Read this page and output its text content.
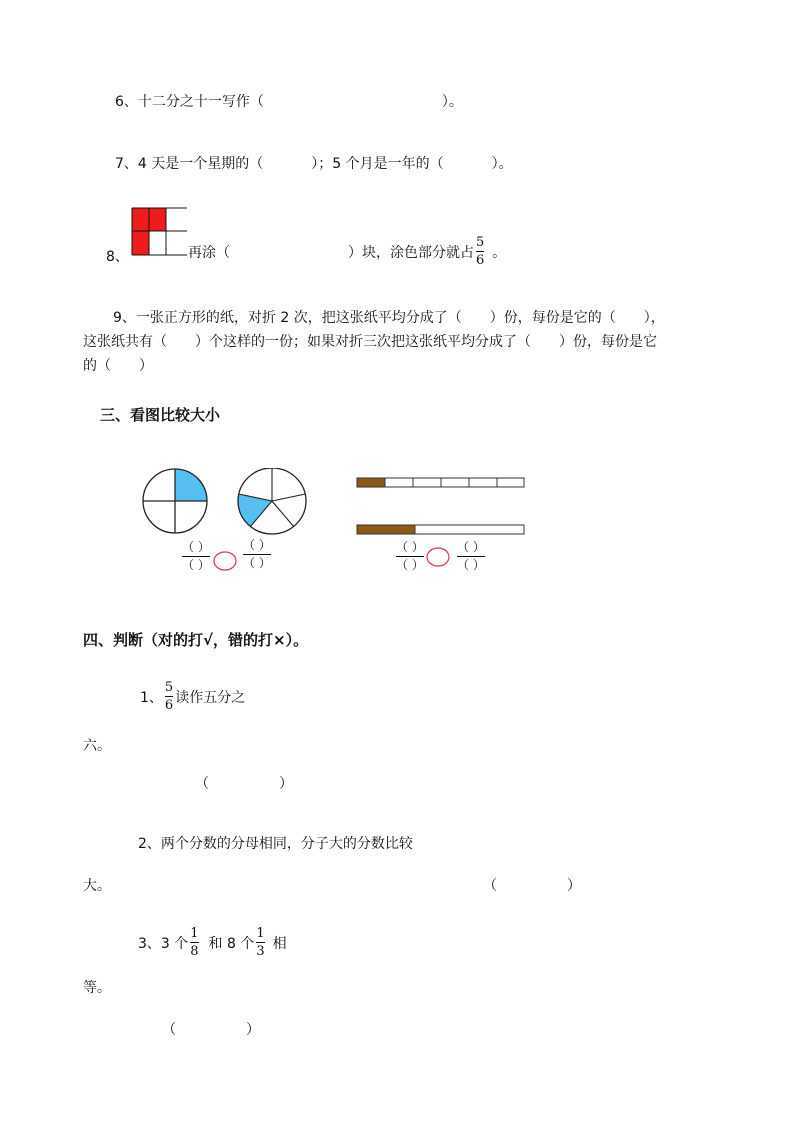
6、十二分之十一写作（	）。
7、4 天是一个星期的（	）；5 个月是一年的（	）。
8、	再涂（	）块，涂色部分就占 $\frac{5}{6}$ 。
9、一张正方形的纸，对折 2 次，把这张纸平均分成了（　　）份，每份是它的（　　），
这张纸共有（　　）个这样的一份；如果对折三次把这张纸平均分成了（　　）份，每份是它
的（　　）
三、看图比较大小
（ ）
（ ）
（ ）
（ ）
（ ）
（ ）
（ ）
（ ）
四、判断（对的打√，错的打×）。
1、 $\frac{5}{6}$ 读作五分之
六。
（　　　　　）
2、两个分数的分母相同，分子大的分数比较
大。	（　　　　　）
3、3 个 $\frac{1}{8}$ 和 8 个 $\frac{1}{3}$ 相
等。
（　　　　　）
